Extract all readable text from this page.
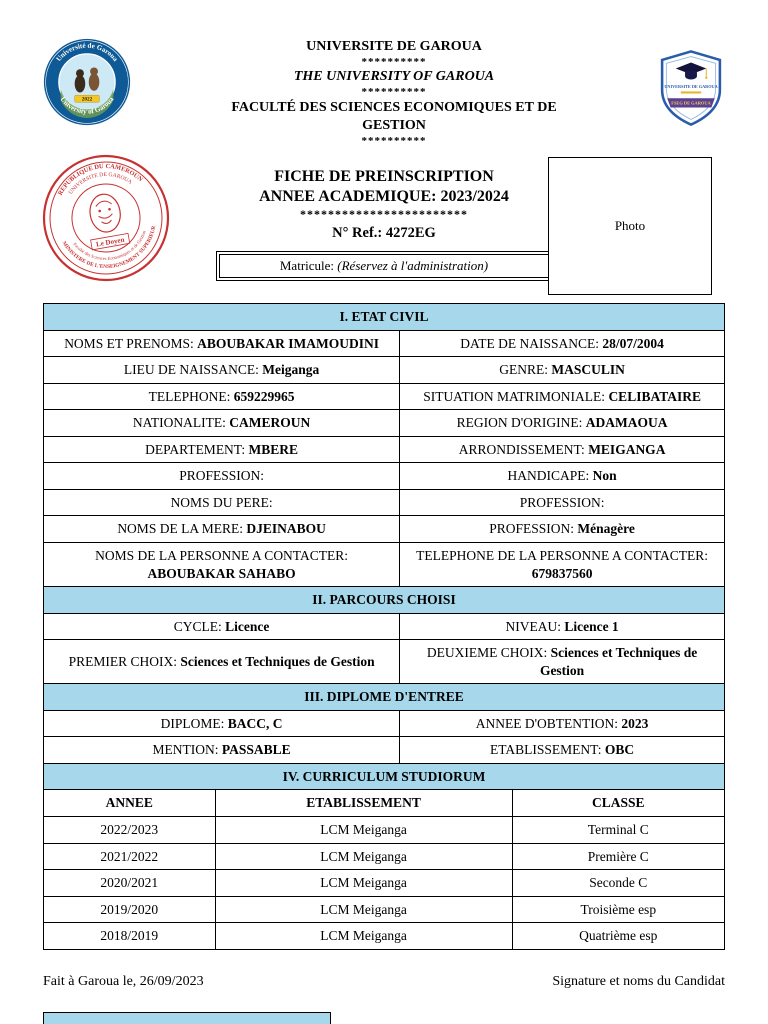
2022
Université de Garoua
University of Garoua
UNIVERSITE DE GAROUA
**********
THE UNIVERSITY OF GAROUA
**********
FACULTÉ DES SCIENCES ECONOMIQUES ET DE GESTION
**********
UNIVERSITE DE GAROUA
FSEG DE GAROUA
Le Doyen
REPUBLIQUE DU CAMEROUN
UNIVERSITE DE GAROUA
Faculté des Sciences Economiques et de Gestion
MINISTERE DE L'ENSEIGNEMENT SUPERIEUR	Photo
FICHE DE PREINSCRIPTION
ANNEE ACADEMIQUE: 2023/2024
************************
N° Ref.: 4272EG
Matricule: (Réservez à l'administration)
I. ETAT CIVIL	
NOMS ET PRENOMS: ABOUBAKAR IMAMOUDINI	DATE DE NAISSANCE: 28/07/2004
LIEU DE NAISSANCE: Meiganga	GENRE: MASCULIN
TELEPHONE: 659229965	SITUATION MATRIMONIALE: CELIBATAIRE
NATIONALITE: CAMEROUN	REGION D'ORIGINE: ADAMAOUA
DEPARTEMENT: MBERE	ARRONDISSEMENT: MEIGANGA
PROFESSION:	HANDICAPE: Non
NOMS DU PERE:	PROFESSION:
NOMS DE LA MERE: DJEINABOU	PROFESSION: Ménagère
NOMS DE LA PERSONNE A CONTACTER: ABOUBAKAR SAHABO	TELEPHONE DE LA PERSONNE A CONTACTER: 679837560
II. PARCOURS CHOISI	
CYCLE: Licence	NIVEAU: Licence 1
PREMIER CHOIX: Sciences et Techniques de Gestion	DEUXIEME CHOIX: Sciences et Techniques de Gestion
III. DIPLOME D'ENTREE	
DIPLOME: BACC, C	ANNEE D'OBTENTION: 2023
MENTION: PASSABLE	ETABLISSEMENT: OBC
IV. CURRICULUM STUDIORUM		
ANNEE	ETABLISSEMENT	CLASSE
2022/2023	LCM Meiganga	Terminal C
2021/2022	LCM Meiganga	Première C
2020/2021	LCM Meiganga	Seconde C
2019/2020	LCM Meiganga	Troisième esp
2018/2019	LCM Meiganga	Quatrième esp
Fait à Garoua le, 26/09/2023	Signature et noms du Candidat
